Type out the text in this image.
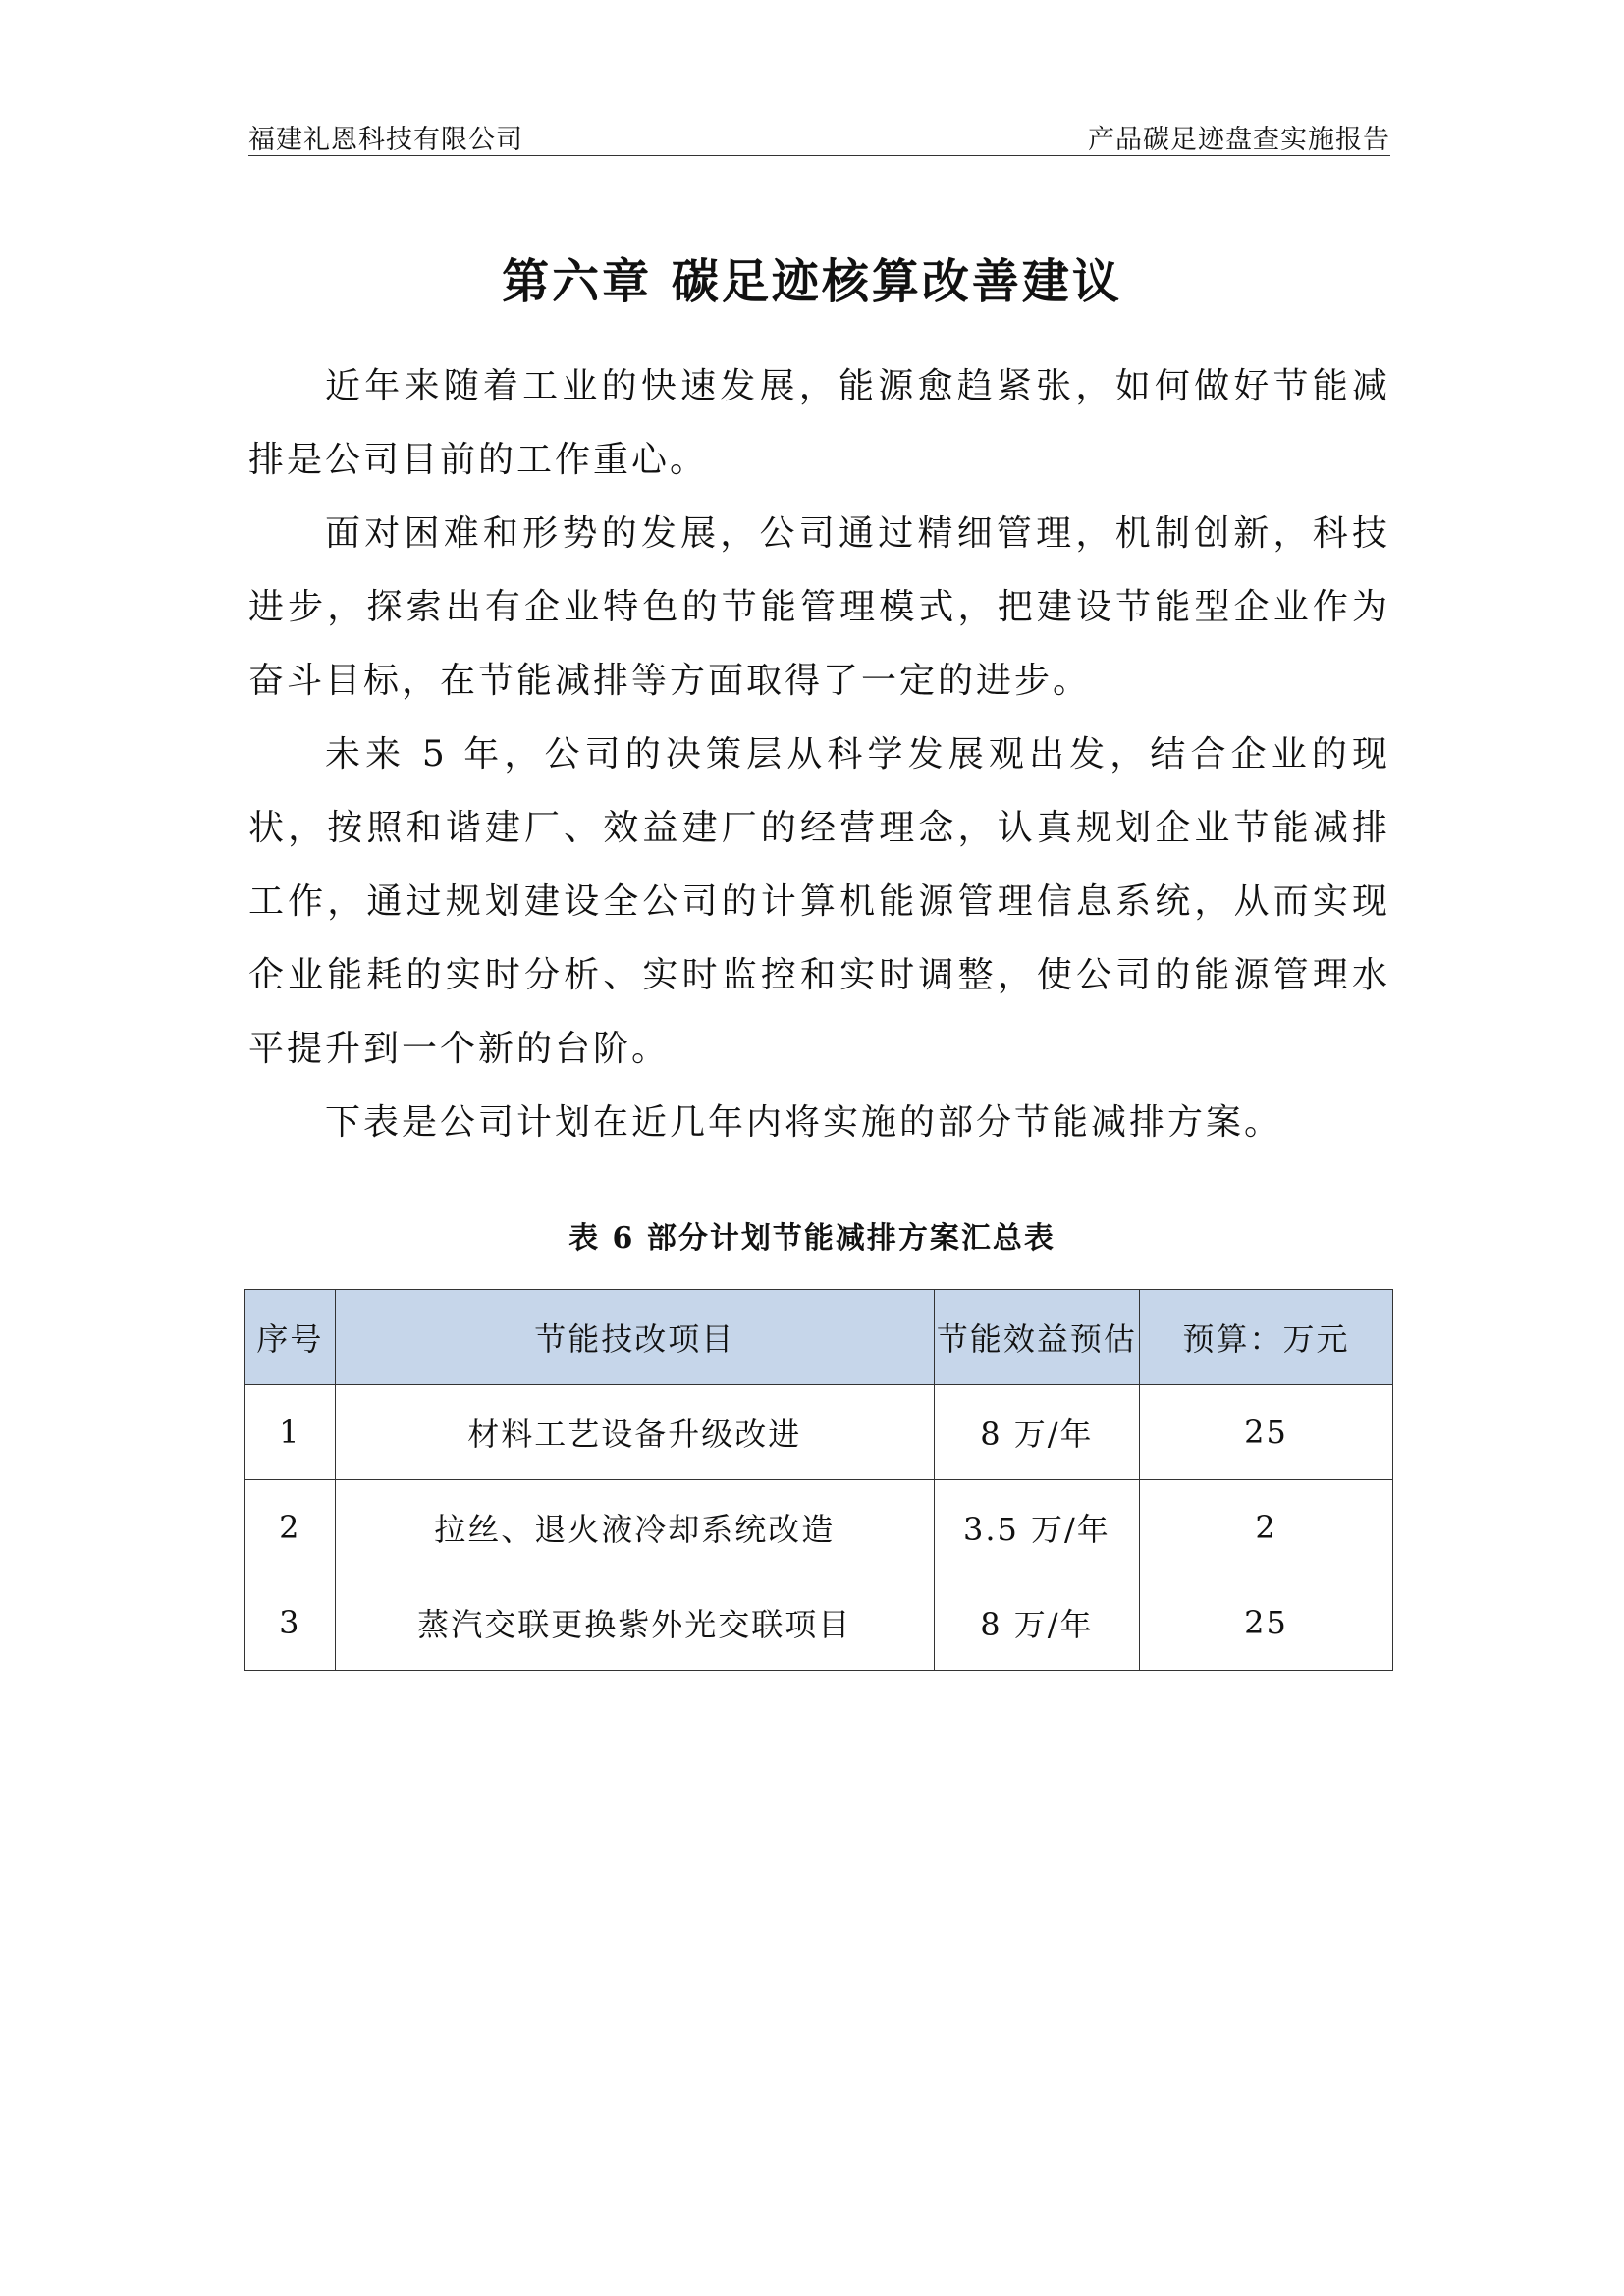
福建礼恩科技有限公司	产品碳足迹盘查实施报告
第六章 碳足迹核算改善建议

近年来随着工业的快速发展，能源愈趋紧张，如何做好节能减排是公司目前的工作重心。

面对困难和形势的发展，公司通过精细管理，机制创新，科技进步，探索出有企业特色的节能管理模式，把建设节能型企业作为奋斗目标，在节能减排等方面取得了一定的进步。

未来 5 年，公司的决策层从科学发展观出发，结合企业的现状，按照和谐建厂、效益建厂的经营理念，认真规划企业节能减排工作，通过规划建设全公司的计算机能源管理信息系统，从而实现企业能耗的实时分析、实时监控和实时调整，使公司的能源管理水平提升到一个新的台阶。

下表是公司计划在近几年内将实施的部分节能减排方案。

表 6 部分计划节能减排方案汇总表
序号	节能技改项目	节能效益预估	预算：万元
1	材料工艺设备升级改进	8 万/年	25
2	拉丝、退火液冷却系统改造	3.5 万/年	2
3	蒸汽交联更换紫外光交联项目	8 万/年	25
